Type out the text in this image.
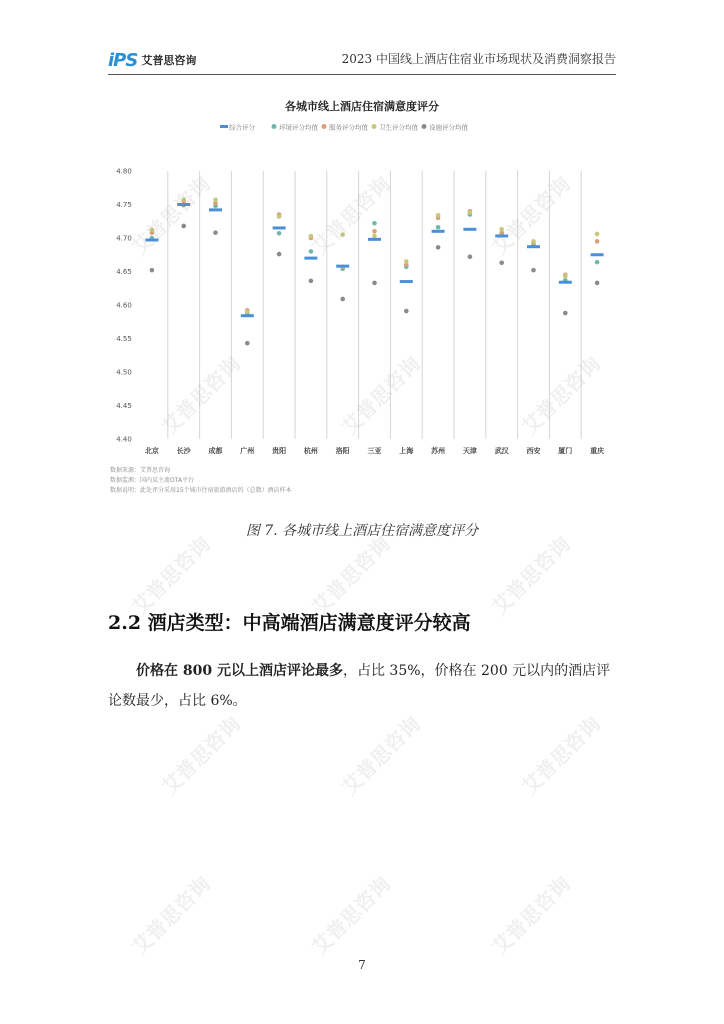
iPS 艾普思咨询	2023 中国线上酒店住宿业市场现状及消费洞察报告
各城市线上酒店住宿满意度评分
综合评分	环境评分均值 服务评分均值 卫生评分均值 设施评分均值
4.80
4.75
4.70
4.65
4.60
4.55
4.50
4.45
4.40
北京	长沙	成都	广州	贵阳	杭州	洛阳	三亚	上海	苏州	天津	武汉	西安	厦门	重庆
数据来源：艾普思咨询
数据监测：国内某主流OTA平台
数据说明：此处评分采用15个城市住宿旅游酒店的（总数）酒店样本
图 7. 各城市线上酒店住宿满意度评分
2.2 酒店类型：中高端酒店满意度评分较高
价格在 800 元以上酒店评论最多，占比 35%，价格在 200 元以内的酒店评论数最少，占比 6%。
7
艾普思咨询	艾普思咨询	艾普思咨询
艾普思咨询	艾普思咨询	艾普思咨询
艾普思咨询	艾普思咨询	艾普思咨询
艾普思咨询	艾普思咨询	艾普思咨询
艾普思咨询	艾普思咨询	艾普思咨询
